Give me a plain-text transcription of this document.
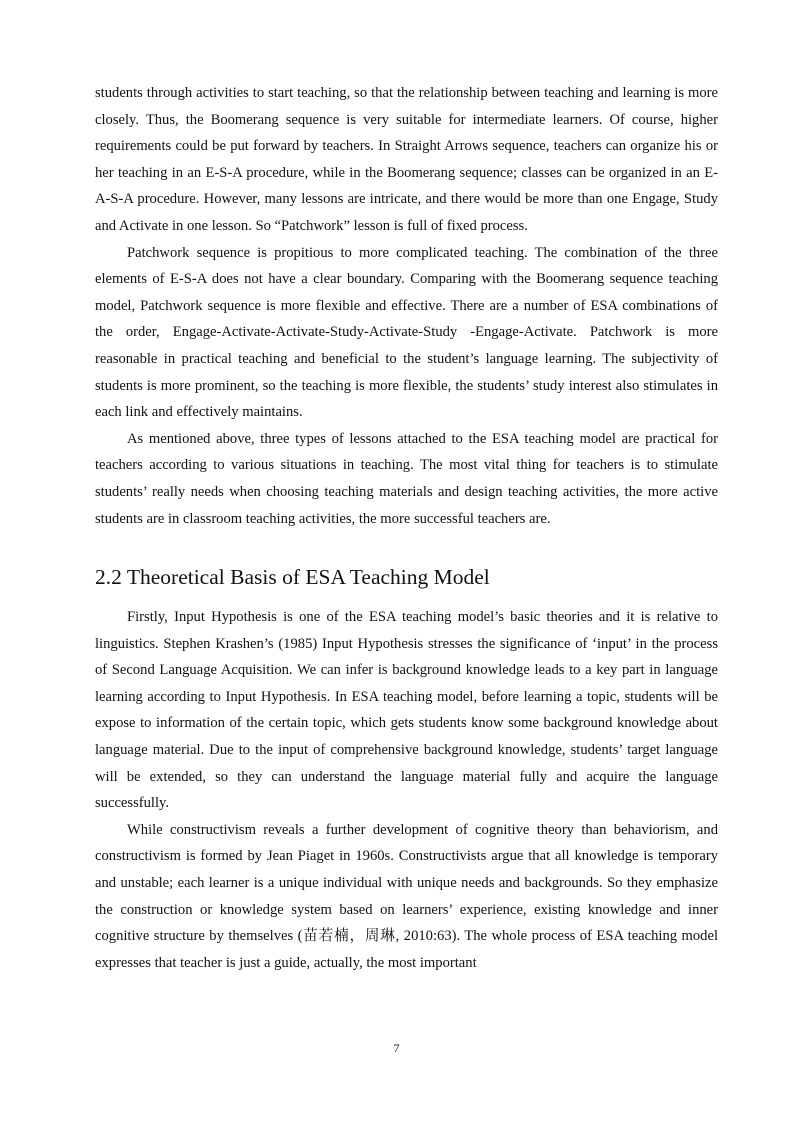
students through activities to start teaching, so that the relationship between teaching and learning is more closely. Thus, the Boomerang sequence is very suitable for intermediate learners. Of course, higher requirements could be put forward by teachers. In Straight Arrows sequence, teachers can organize his or her teaching in an E-S-A procedure, while in the Boomerang sequence; classes can be organized in an E-A-S-A procedure. However, many lessons are intricate, and there would be more than one Engage, Study and Activate in one lesson. So “Patchwork” lesson is full of fixed process.

Patchwork sequence is propitious to more complicated teaching. The combination of the three elements of E-S-A does not have a clear boundary. Comparing with the Boomerang sequence teaching model, Patchwork sequence is more flexible and effective. There are a number of ESA combinations of the order, Engage-Activate-Activate-Study-Activate-Study -Engage-Activate. Patchwork is more reasonable in practical teaching and beneficial to the student’s language learning. The subjectivity of students is more prominent, so the teaching is more flexible, the students’ study interest also stimulates in each link and effectively maintains.

As mentioned above, three types of lessons attached to the ESA teaching model are practical for teachers according to various situations in teaching. The most vital thing for teachers is to stimulate students’ really needs when choosing teaching materials and design teaching activities, the more active students are in classroom teaching activities, the more successful teachers are.

2.2 Theoretical Basis of ESA Teaching Model

Firstly, Input Hypothesis is one of the ESA teaching model’s basic theories and it is relative to linguistics. Stephen Krashen’s (1985) Input Hypothesis stresses the significance of ‘input’ in the process of Second Language Acquisition. We can infer is background knowledge leads to a key part in language learning according to Input Hypothesis. In ESA teaching model, before learning a topic, students will be expose to information of the certain topic, which gets students know some background knowledge about language material. Due to the input of comprehensive background knowledge, students’ target language will be extended, so they can understand the language material fully and acquire the language successfully.

While constructivism reveals a further development of cognitive theory than behaviorism, and constructivism is formed by Jean Piaget in 1960s. Constructivists argue that all knowledge is temporary and unstable; each learner is a unique individual with unique needs and backgrounds. So they emphasize the construction or knowledge system based on learners’ experience, existing knowledge and inner cognitive structure by themselves (苗若楠，周琳, 2010:63). The whole process of ESA teaching model expresses that teacher is just a guide, actually, the most important

7
